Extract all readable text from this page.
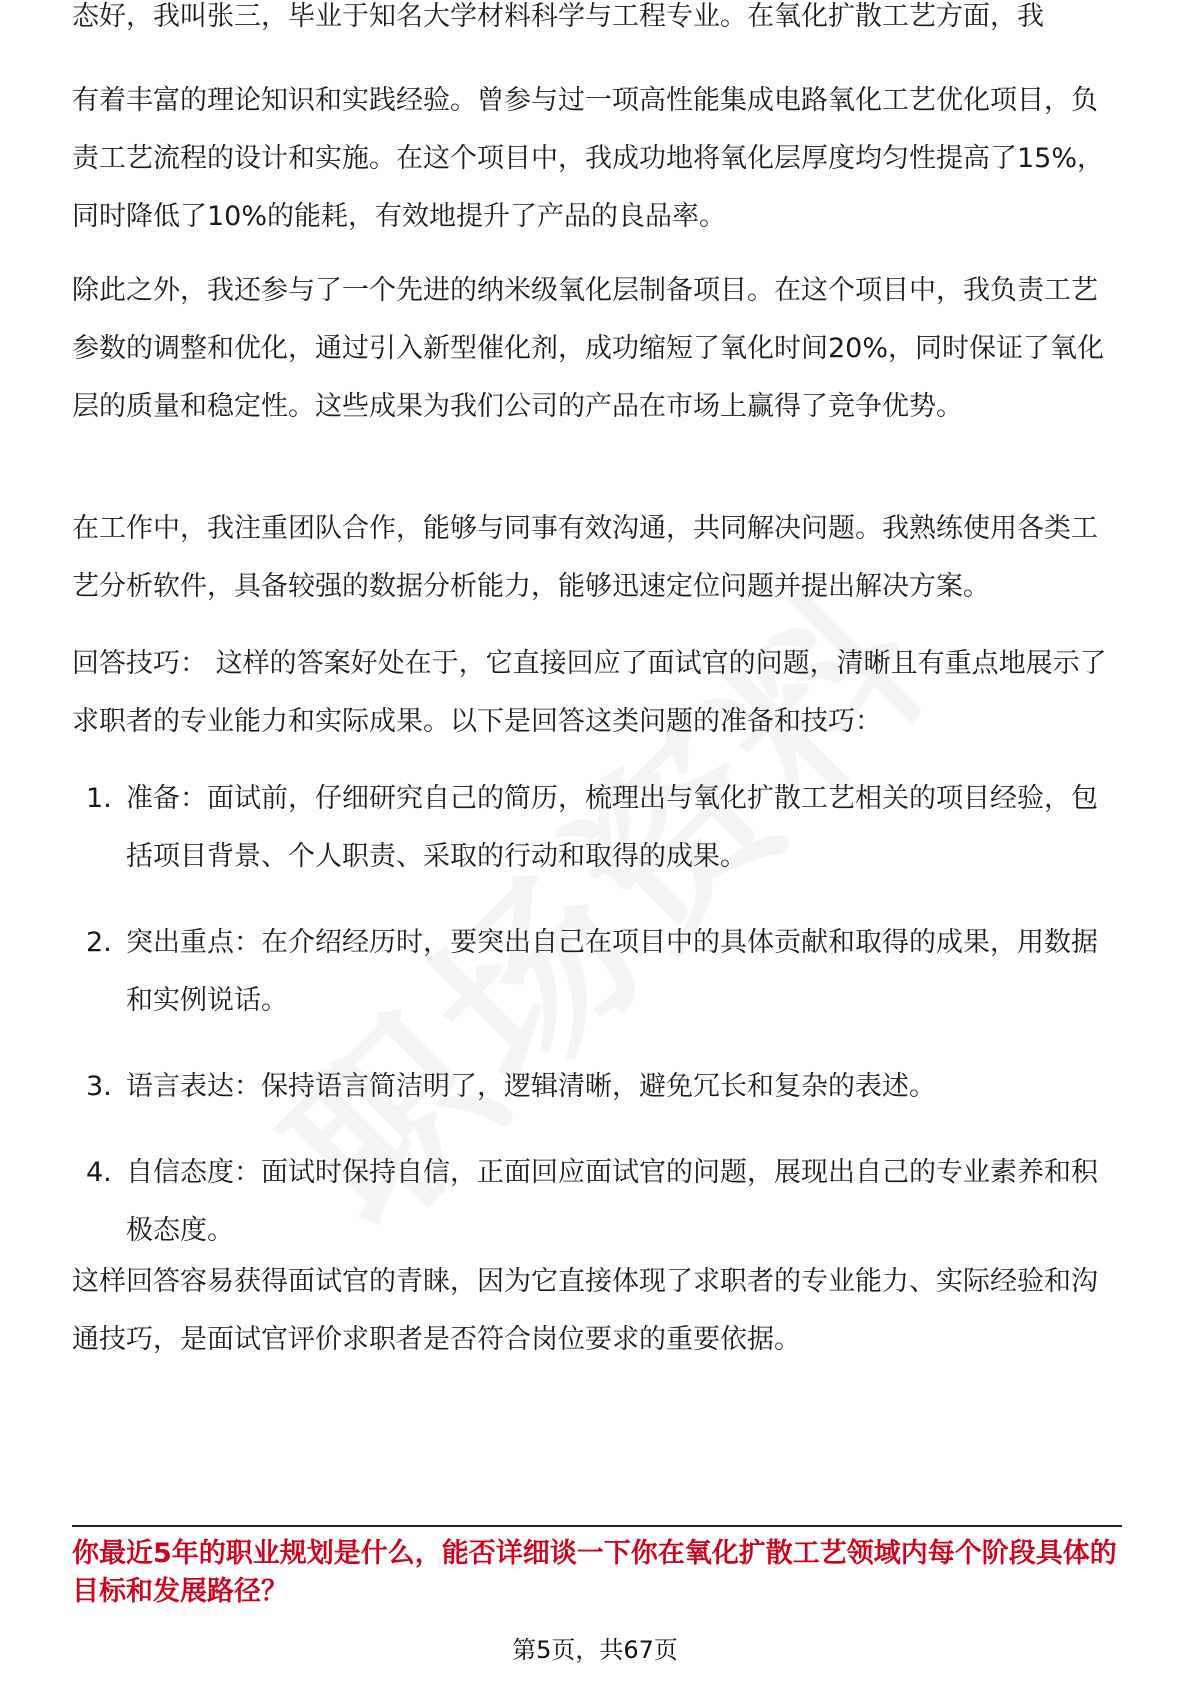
态好，我叫张三，毕业于知名大学材料科学与工程专业。在氧化扩散工艺方面，我

有着丰富的理论知识和实践经验。曾参与过一项高性能集成电路氧化工艺优化项目，负责工艺流程的设计和实施。在这个项目中，我成功地将氧化层厚度均匀性提高了15%，同时降低了10%的能耗，有效地提升了产品的良品率。

除此之外，我还参与了一个先进的纳米级氧化层制备项目。在这个项目中，我负责工艺参数的调整和优化，通过引入新型催化剂，成功缩短了氧化时间20%，同时保证了氧化层的质量和稳定性。这些成果为我们公司的产品在市场上赢得了竞争优势。

在工作中，我注重团队合作，能够与同事有效沟通，共同解决问题。我熟练使用各类工艺分析软件，具备较强的数据分析能力，能够迅速定位问题并提出解决方案。

回答技巧： 这样的答案好处在于，它直接回应了面试官的问题，清晰且有重点地展示了求职者的专业能力和实际成果。以下是回答这类问题的准备和技巧：

1. 准备：面试前，仔细研究自己的简历，梳理出与氧化扩散工艺相关的项目经验，包括项目背景、个人职责、采取的行动和取得的成果。
2. 突出重点：在介绍经历时，要突出自己在项目中的具体贡献和取得的成果，用数据和实例说话。
3. 语言表达：保持语言简洁明了，逻辑清晰，避免冗长和复杂的表述。
4. 自信态度：面试时保持自信，正面回应面试官的问题，展现出自己的专业素养和积极态度。

这样回答容易获得面试官的青睐，因为它直接体现了求职者的专业能力、实际经验和沟通技巧，是面试官评价求职者是否符合岗位要求的重要依据。

你最近5年的职业规划是什么，能否详细谈一下你在氧化扩散工艺领域内每个阶段具体的目标和发展路径？

第5页，共67页
